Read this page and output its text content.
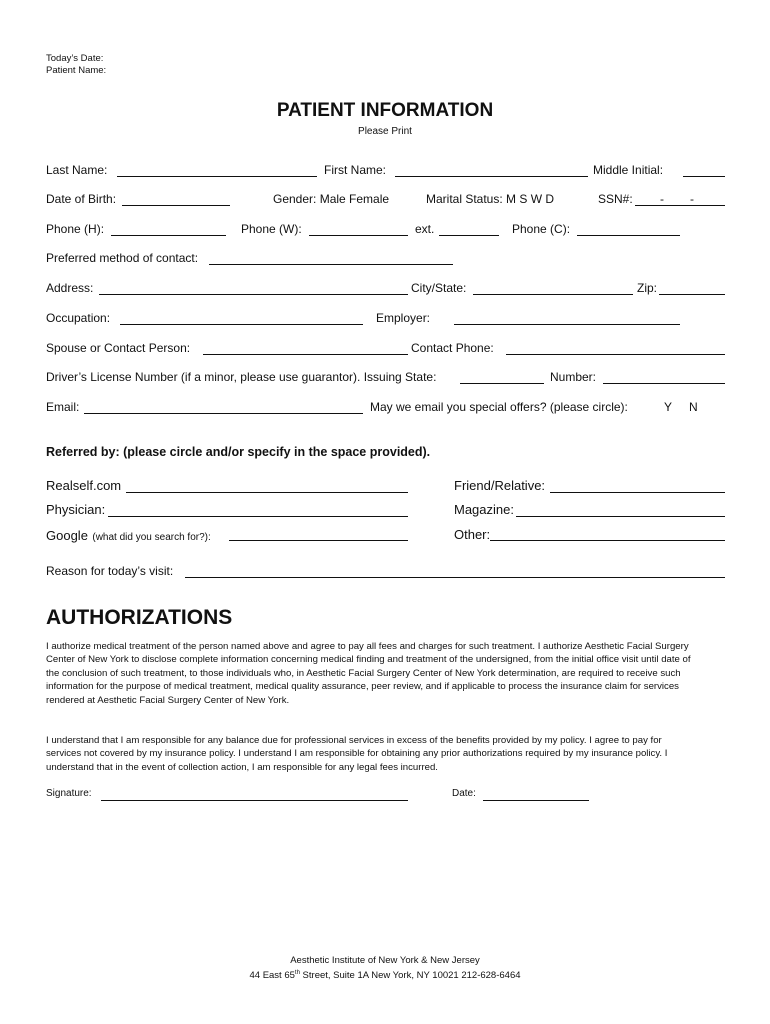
Today’s Date:
Patient Name:
PATIENT INFORMATION
Please Print
Last Name:	First Name:	Middle Initial:
Date of Birth:	Gender: Male Female	Marital Status: M S W D	SSN#: - -
Phone (H):	Phone (W):	ext.	Phone (C):
Preferred method of contact:
Address:	City/State:	Zip:
Occupation:	Employer:
Spouse or Contact Person:	Contact Phone:
Driver’s License Number (if a minor, please use guarantor). Issuing State:	Number:
Email:	May we email you special offers? (please circle):	Y N
Referred by: (please circle and/or specify in the space provided).
Realself.com	Friend/Relative:
Physician:	Magazine:
Google (what did you search for?):	Other:
Reason for today’s visit:
AUTHORIZATIONS
I authorize medical treatment of the person named above and agree to pay all fees and charges for such treatment. I authorize Aesthetic Facial Surgery Center of New York to disclose complete information concerning medical finding and treatment of the undersigned, from the initial office visit until date of the conclusion of such treatment, to those individuals who, in Aesthetic Facial Surgery Center of New York determination, are required to receive such information for the purpose of medical treatment, medical quality assurance, peer review, and if applicable to process the insurance claim for services rendered at Aesthetic Facial Surgery Center of New York.
I understand that I am responsible for any balance due for professional services in excess of the benefits provided by my policy. I agree to pay for services not covered by my insurance policy. I understand I am responsible for obtaining any prior authorizations required by my insurance policy. I understand that in the event of collection action, I am responsible for any legal fees incurred.
Signature:	Date:
Aesthetic Institute of New York & New Jersey
44 East 65th Street, Suite 1A New York, NY 10021 212-628-6464
